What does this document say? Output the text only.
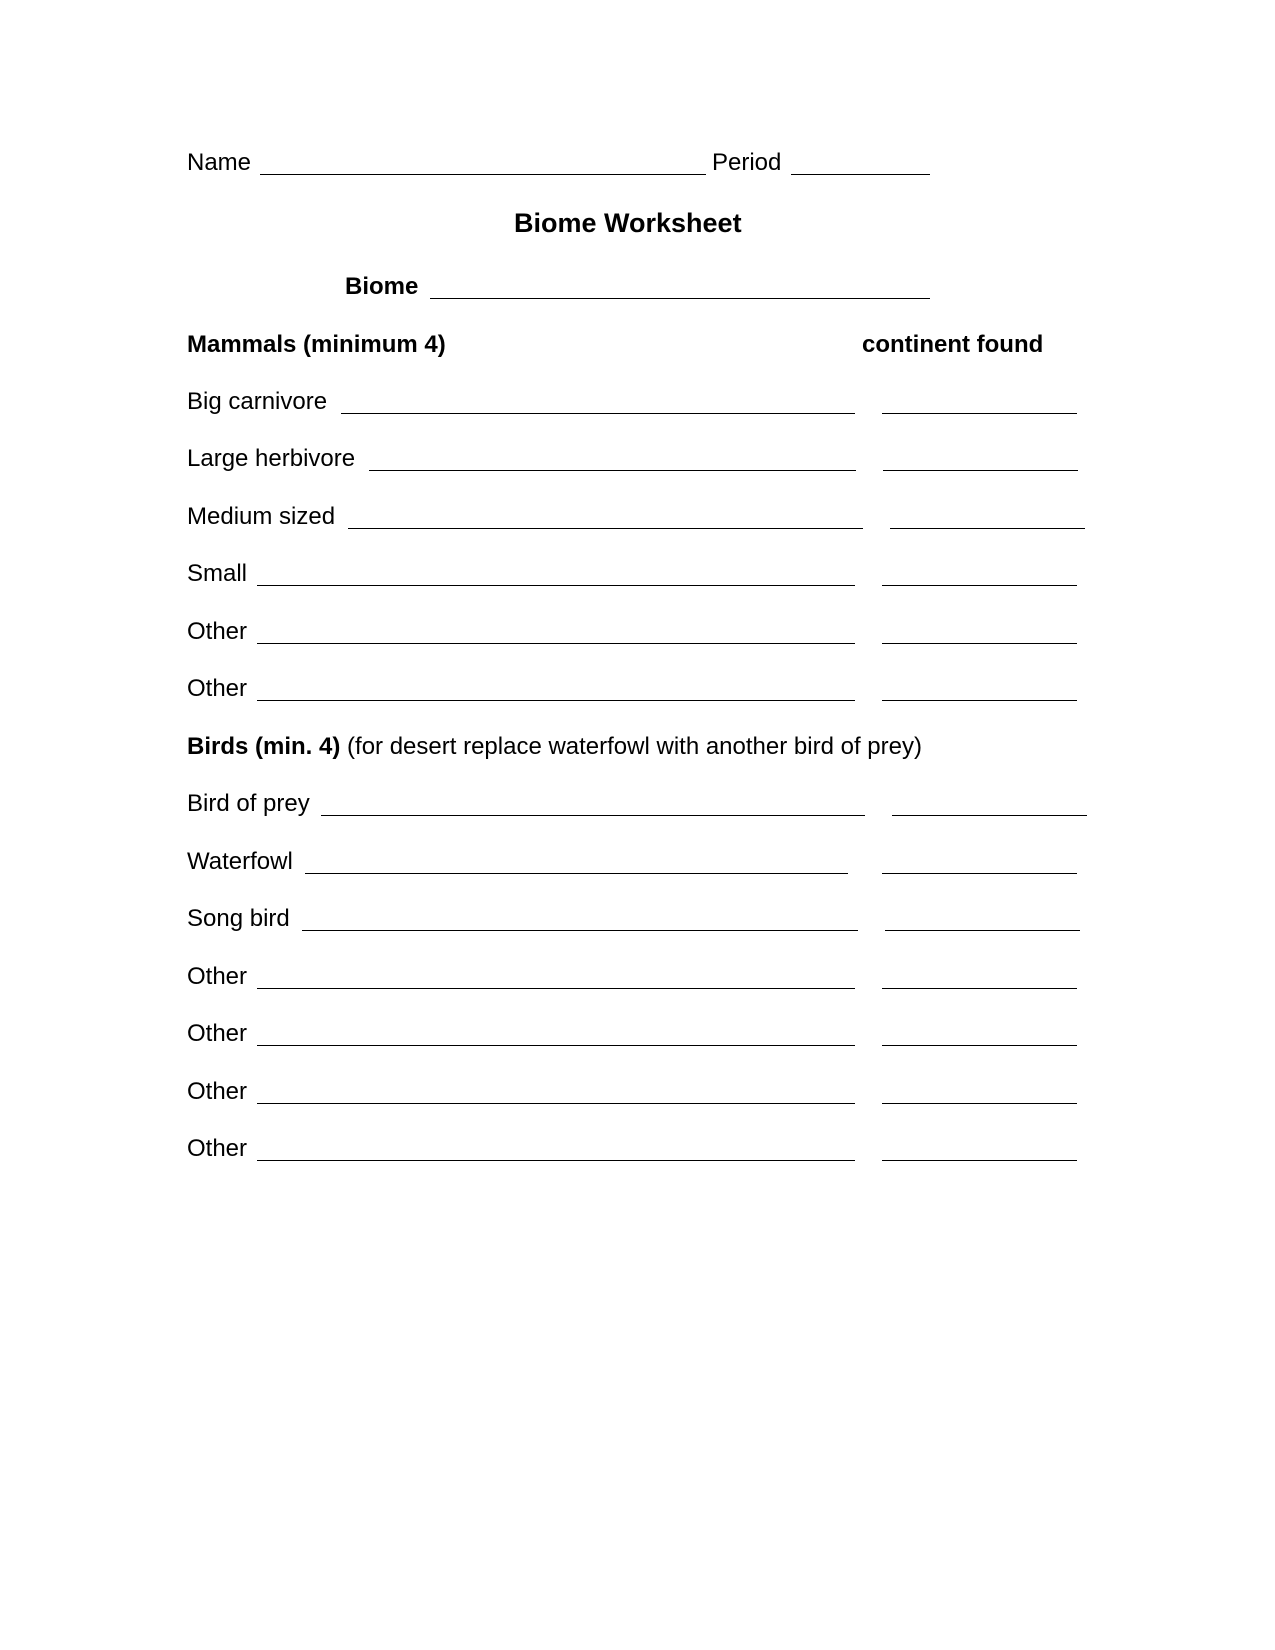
Name	Period
Biome Worksheet
Biome
Mammals (minimum 4)	continent found
Big carnivore
Large herbivore
Medium sized
Small
Other
Other
Birds (min. 4) (for desert replace waterfowl with another bird of prey)
Bird of prey
Waterfowl
Song bird
Other
Other
Other
Other
